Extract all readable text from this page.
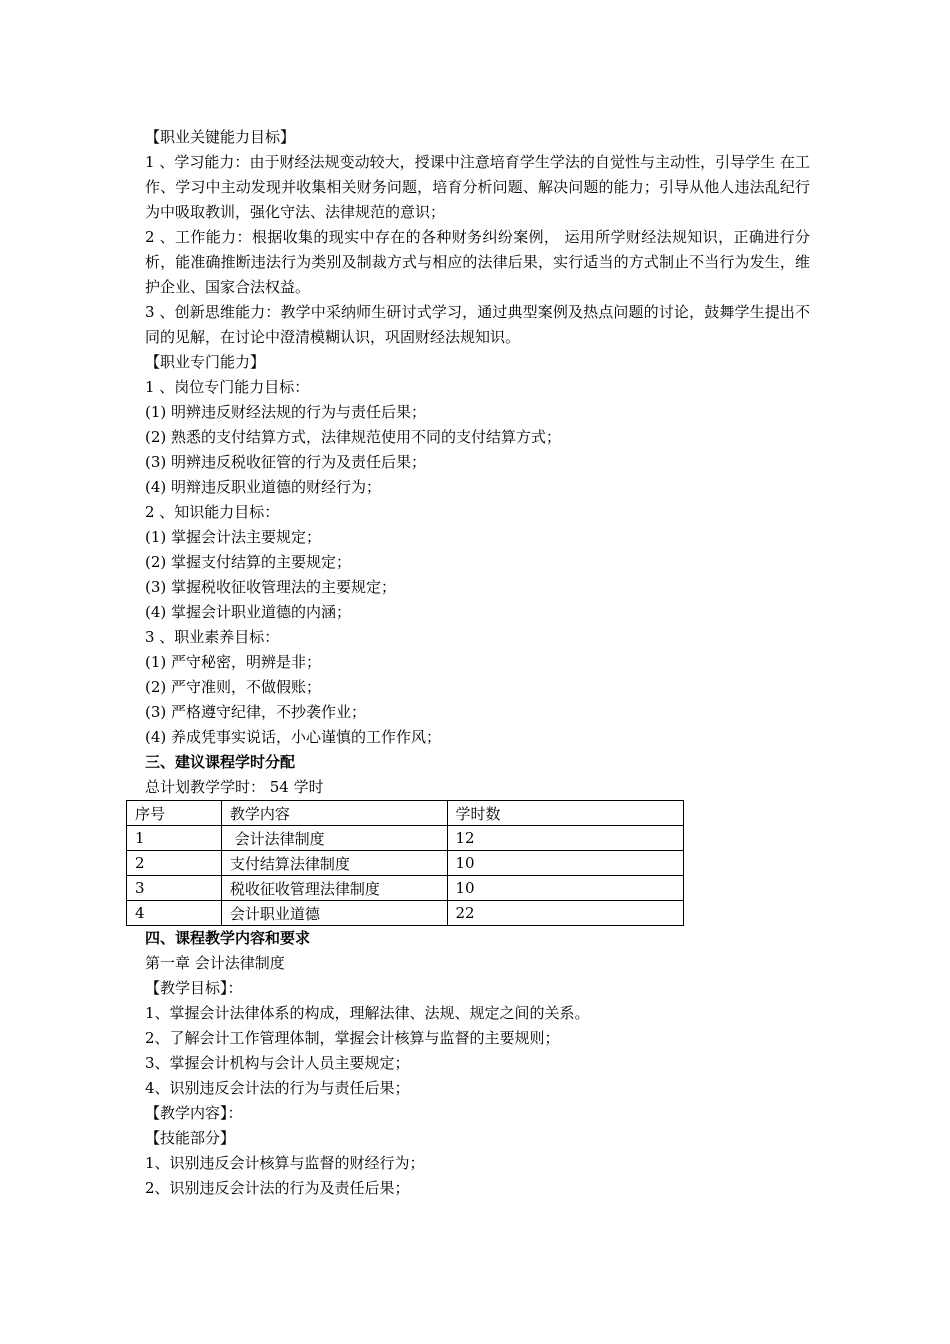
【职业关键能力目标】
1 、学习能力：由于财经法规变动较大，授课中注意培育学生学法的自觉性与主动性，引导学生 在工作、学习中主动发现并收集相关财务问题，培育分析问题、解决问题的能力；引导从他人违法乱纪行为中吸取教训，强化守法、法律规范的意识；
2 、工作能力：根据收集的现实中存在的各种财务纠纷案例， 运用所学财经法规知识，正确进行分析，能准确推断违法行为类别及制裁方式与相应的法律后果，实行适当的方式制止不当行为发生，维护企业、国家合法权益。
3 、创新思维能力：教学中采纳师生研讨式学习，通过典型案例及热点问题的讨论，鼓舞学生提出不同的见解，在讨论中澄清模糊认识，巩固财经法规知识。
【职业专门能力】
1 、岗位专门能力目标：
(1) 明辨违反财经法规的行为与责任后果；
(2) 熟悉的支付结算方式，法律规范使用不同的支付结算方式；
(3) 明辨违反税收征管的行为及责任后果；
(4) 明辩违反职业道德的财经行为；
2 、知识能力目标：
(1) 掌握会计法主要规定；
(2) 掌握支付结算的主要规定；
(3) 掌握税收征收管理法的主要规定；
(4) 掌握会计职业道德的内涵；
3 、职业素养目标：
(1) 严守秘密，明辨是非；
(2) 严守准则，不做假账；
(3) 严格遵守纪律，不抄袭作业；
(4) 养成凭事实说话，小心谨慎的工作作风；
三、建议课程学时分配
总计划教学学时： 54 学时
序号	教学内容	学时数
1	会计法律制度	12
2	支付结算法律制度	10
3	税收征收管理法律制度	10
4	会计职业道德	22
四、课程教学内容和要求
第一章 会计法律制度
【教学目标】：
1、掌握会计法律体系的构成，理解法律、法规、规定之间的关系。
2、了解会计工作管理体制，掌握会计核算与监督的主要规则；
3、掌握会计机构与会计人员主要规定；
4、识别违反会计法的行为与责任后果；
【教学内容】：
【技能部分】
1、识别违反会计核算与监督的财经行为；
2、识别违反会计法的行为及责任后果；
